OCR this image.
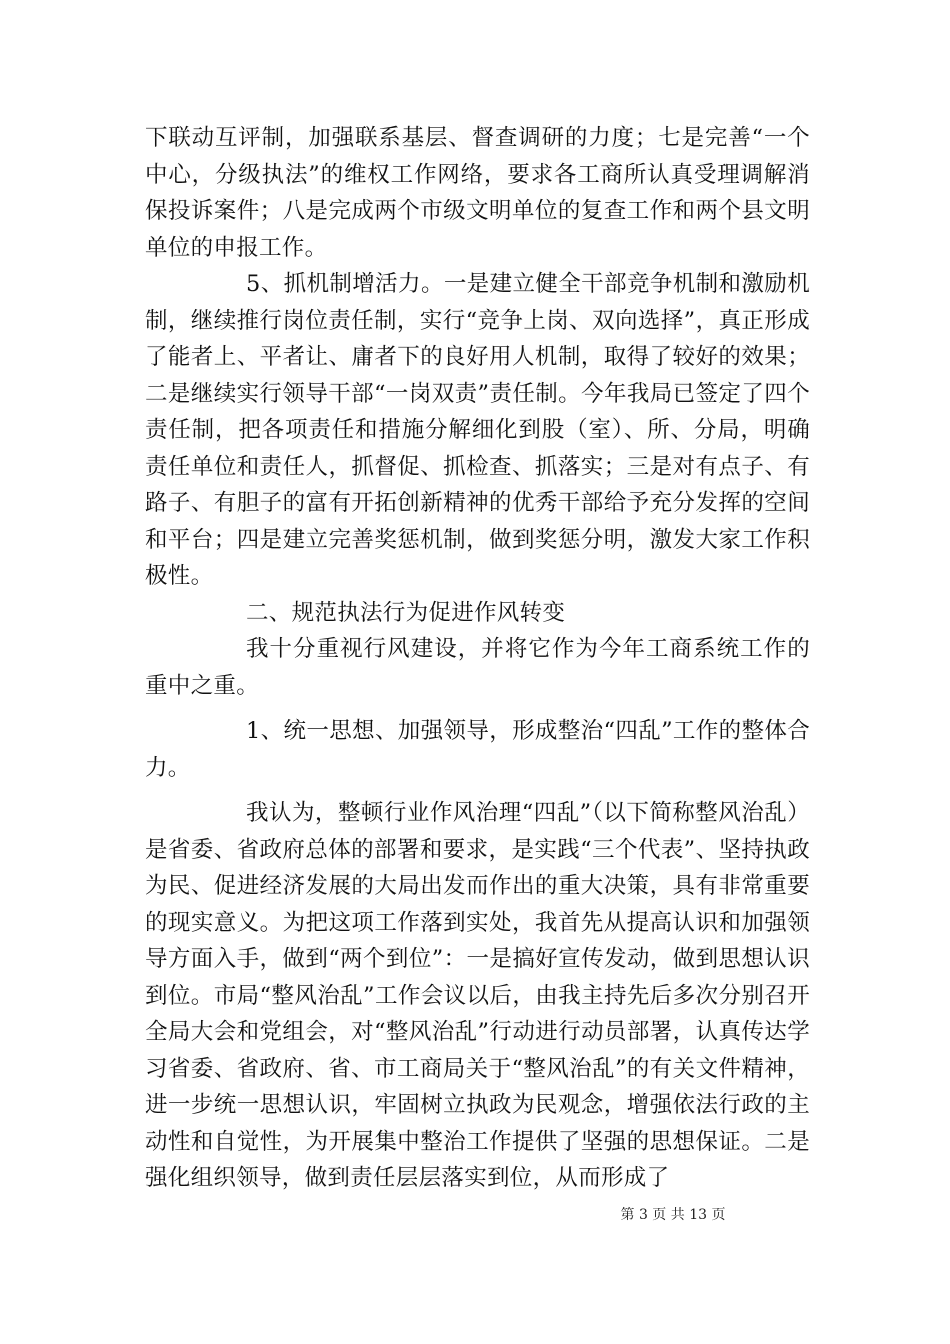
下联动互评制，加强联系基层、督查调研的力度；七是完善“一个中心，分级执法”的维权工作网络，要求各工商所认真受理调解消保投诉案件；八是完成两个市级文明单位的复查工作和两个县文明单位的申报工作。

5、抓机制增活力。一是建立健全干部竞争机制和激励机制，继续推行岗位责任制，实行“竞争上岗、双向选择”，真正形成了能者上、平者让、庸者下的良好用人机制，取得了较好的效果；二是继续实行领导干部“一岗双责”责任制。今年我局已签定了四个责任制，把各项责任和措施分解细化到股（室）、所、分局，明确责任单位和责任人，抓督促、抓检查、抓落实；三是对有点子、有路子、有胆子的富有开拓创新精神的优秀干部给予充分发挥的空间和平台；四是建立完善奖惩机制，做到奖惩分明，激发大家工作积极性。

二、规范执法行为促进作风转变

我十分重视行风建设，并将它作为今年工商系统工作的重中之重。

1、统一思想、加强领导，形成整治“四乱”工作的整体合力。

我认为，整顿行业作风治理“四乱”（以下简称整风治乱）是省委、省政府总体的部署和要求，是实践“三个代表”、坚持执政为民、促进经济发展的大局出发而作出的重大决策，具有非常重要的现实意义。为把这项工作落到实处，我首先从提高认识和加强领导方面入手，做到“两个到位”：一是搞好宣传发动，做到思想认识到位。市局“整风治乱”工作会议以后，由我主持先后多次分别召开全局大会和党组会，对“整风治乱”行动进行动员部署，认真传达学习省委、省政府、省、市工商局关于“整风治乱”的有关文件精神，进一步统一思想认识，牢固树立执政为民观念，增强依法行政的主动性和自觉性，为开展集中整治工作提供了坚强的思想保证。二是强化组织领导，做到责任层层落实到位，从而形成了

第 3 页 共 13 页
